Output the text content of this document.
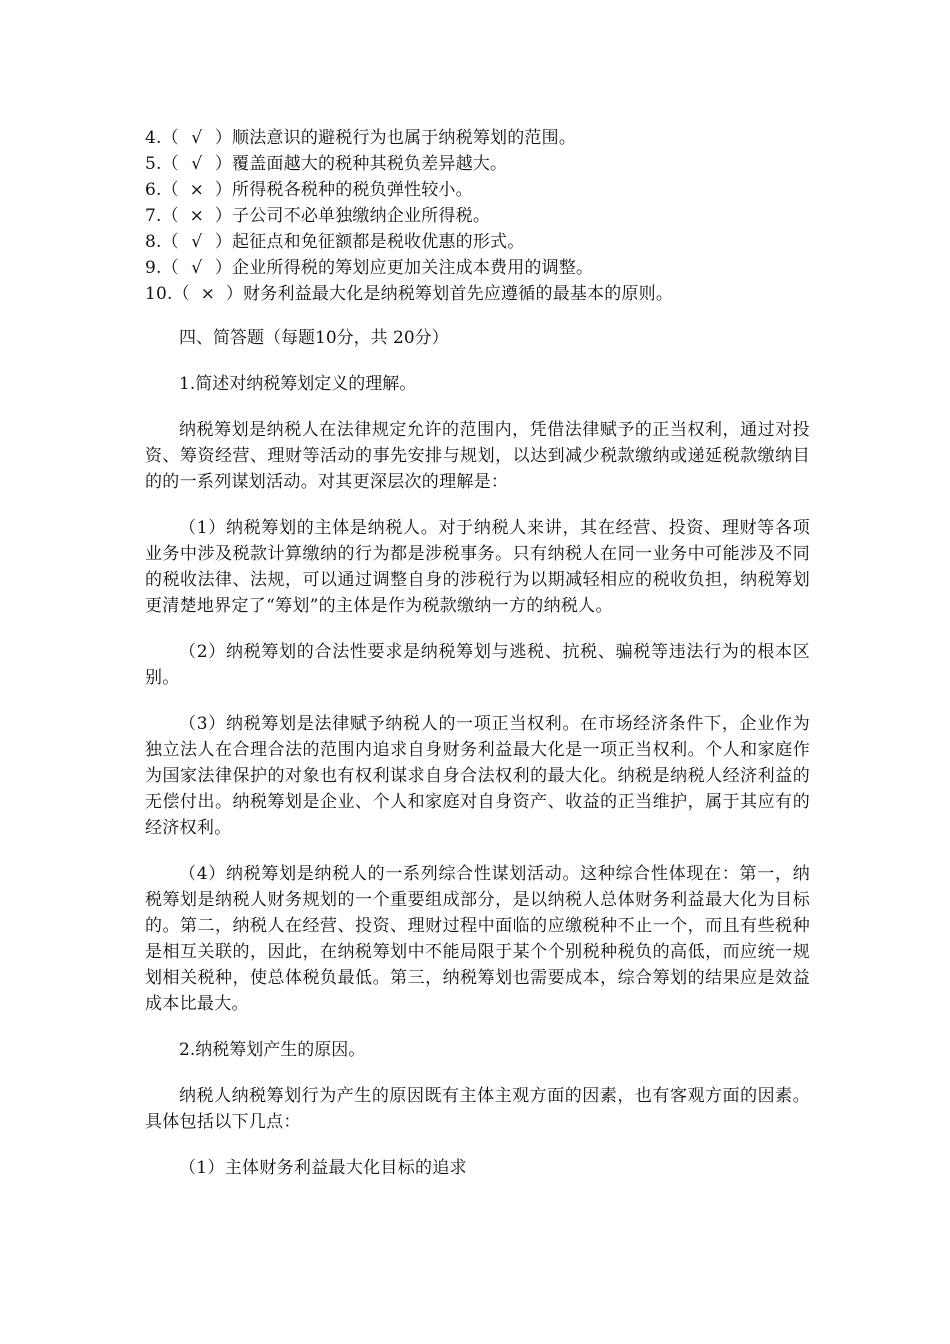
4.（ √ ）顺法意识的避税行为也属于纳税筹划的范围。
5.（ √ ）覆盖面越大的税种其税负差异越大。
6.（ × ）所得税各税种的税负弹性较小。
7.（ × ）子公司不必单独缴纳企业所得税。
8.（ √ ）起征点和免征额都是税收优惠的形式。
9.（ √ ）企业所得税的筹划应更加关注成本费用的调整。
10.（ × ）财务利益最大化是纳税筹划首先应遵循的最基本的原则。
四、简答题（每题10分，共 20分）
1.简述对纳税筹划定义的理解。
纳税筹划是纳税人在法律规定允许的范围内，凭借法律赋予的正当权利，通过对投资、筹资经营、理财等活动的事先安排与规划，以达到减少税款缴纳或递延税款缴纳目的的一系列谋划活动。对其更深层次的理解是：
（1）纳税筹划的主体是纳税人。对于纳税人来讲，其在经营、投资、理财等各项业务中涉及税款计算缴纳的行为都是涉税事务。只有纳税人在同一业务中可能涉及不同的税收法律、法规，可以通过调整自身的涉税行为以期减轻相应的税收负担，纳税筹划更清楚地界定了“筹划”的主体是作为税款缴纳一方的纳税人。
（2）纳税筹划的合法性要求是纳税筹划与逃税、抗税、骗税等违法行为的根本区别。
（3）纳税筹划是法律赋予纳税人的一项正当权利。在市场经济条件下，企业作为独立法人在合理合法的范围内追求自身财务利益最大化是一项正当权利。个人和家庭作为国家法律保护的对象也有权利谋求自身合法权利的最大化。纳税是纳税人经济利益的无偿付出。纳税筹划是企业、个人和家庭对自身资产、收益的正当维护，属于其应有的经济权利。
（4）纳税筹划是纳税人的一系列综合性谋划活动。这种综合性体现在：第一，纳税筹划是纳税人财务规划的一个重要组成部分，是以纳税人总体财务利益最大化为目标的。第二，纳税人在经营、投资、理财过程中面临的应缴税种不止一个，而且有些税种是相互关联的，因此，在纳税筹划中不能局限于某个个别税种税负的高低，而应统一规划相关税种，使总体税负最低。第三，纳税筹划也需要成本，综合筹划的结果应是效益成本比最大。
2.纳税筹划产生的原因。
纳税人纳税筹划行为产生的原因既有主体主观方面的因素，也有客观方面的因素。具体包括以下几点：
（1）主体财务利益最大化目标的追求
